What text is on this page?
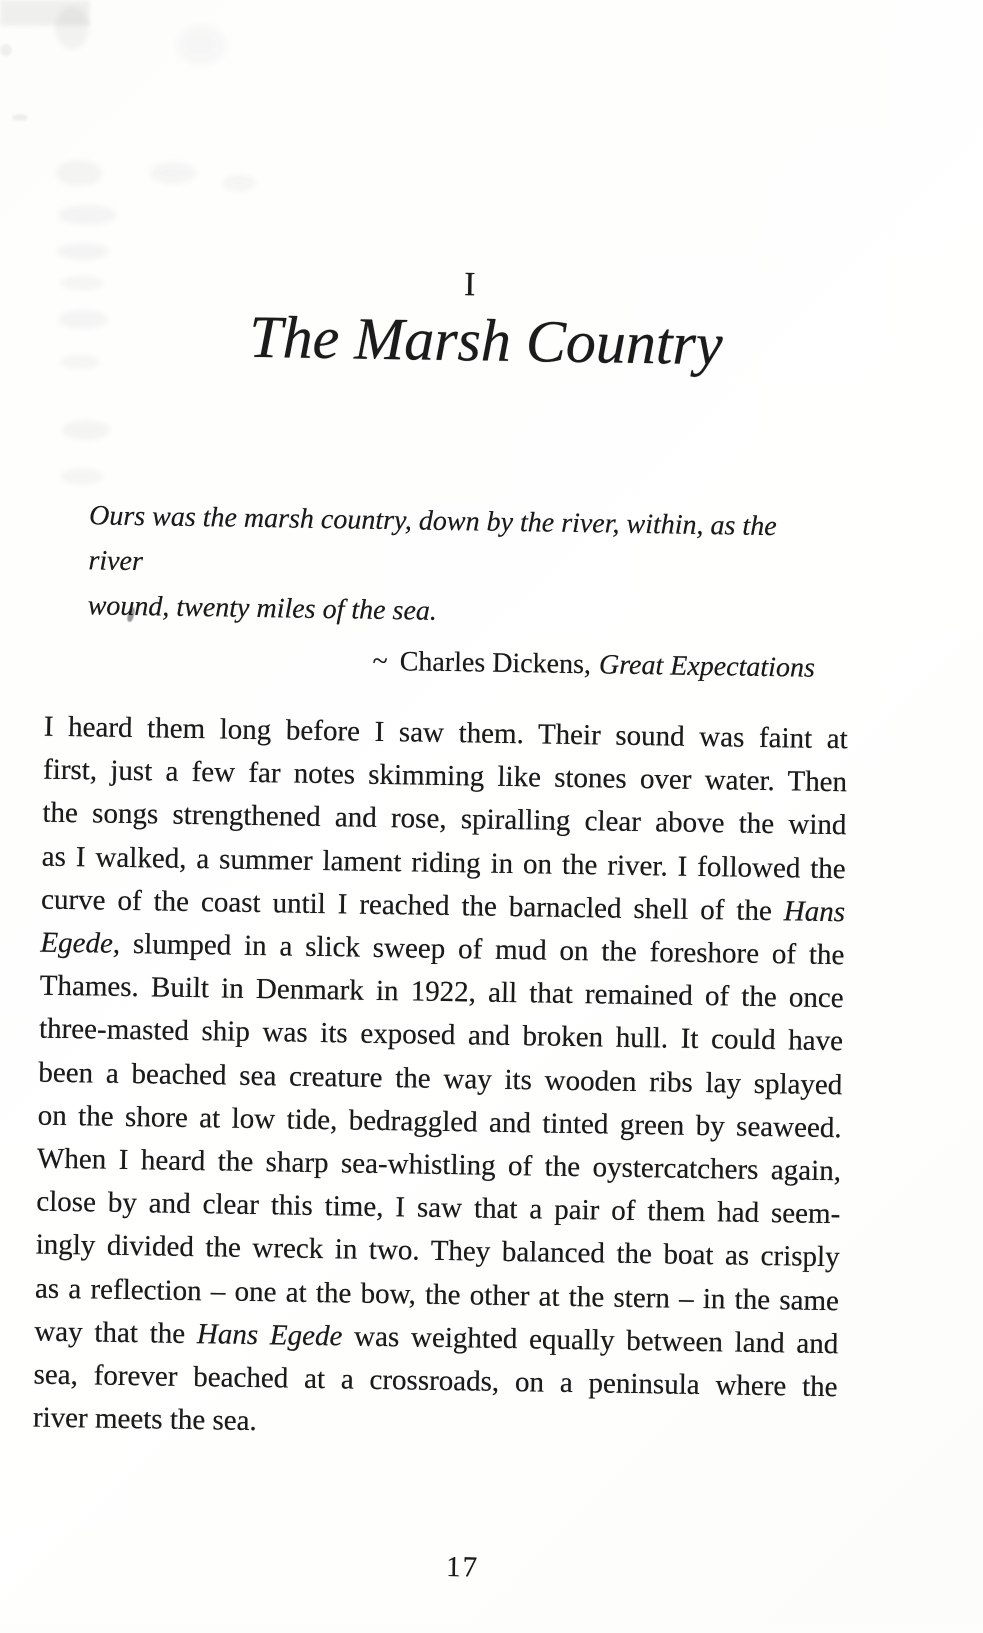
I
The Marsh Country
Ours was the marsh country, down by the river, within, as the river
wound, twenty miles of the sea.
~ Charles Dickens, Great Expectations
I heard them long before I saw them. Their sound was faint at
first, just a few far notes skimming like stones over water. Then
the songs strengthened and rose, spiralling clear above the wind
as I walked, a summer lament riding in on the river. I followed the
curve of the coast until I reached the barnacled shell of the Hans
Egede, slumped in a slick sweep of mud on the foreshore of the
Thames. Built in Denmark in 1922, all that remained of the once
three-masted ship was its exposed and broken hull. It could have
been a beached sea creature the way its wooden ribs lay splayed
on the shore at low tide, bedraggled and tinted green by seaweed.
When I heard the sharp sea-whistling of the oystercatchers again,
close by and clear this time, I saw that a pair of them had seem-
ingly divided the wreck in two. They balanced the boat as crisply
as a reflection – one at the bow, the other at the stern – in the same
way that the Hans Egede was weighted equally between land and
sea, forever beached at a crossroads, on a peninsula where the
river meets the sea.
17
